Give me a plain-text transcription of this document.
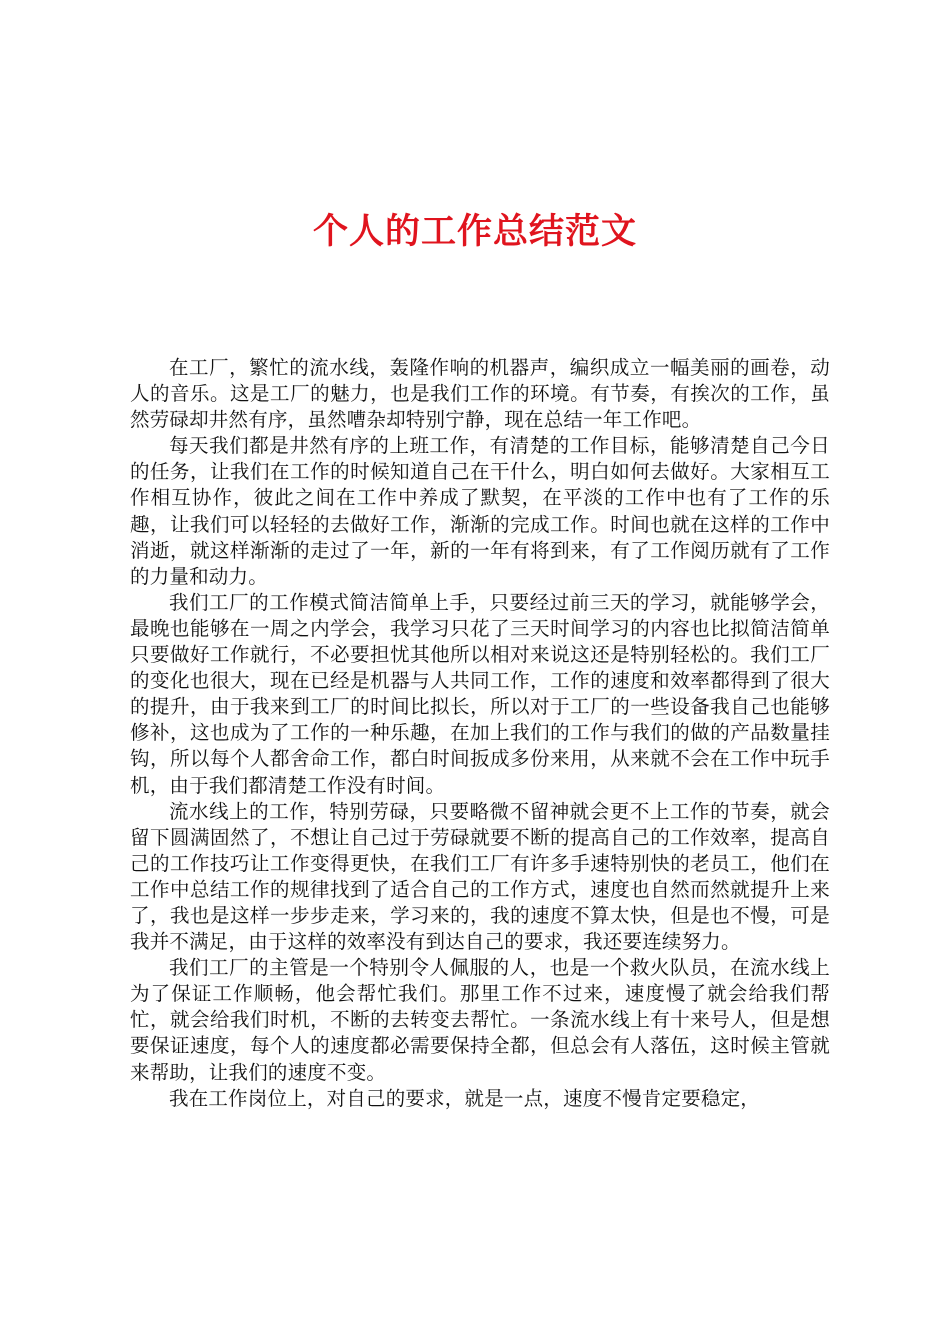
个人的工作总结范文

在工厂，繁忙的流水线，轰隆作响的机器声，编织成立一幅美丽的画卷，动人的音乐。这是工厂的魅力，也是我们工作的环境。有节奏，有挨次的工作，虽然劳碌却井然有序，虽然嘈杂却特别宁静，现在总结一年工作吧。

每天我们都是井然有序的上班工作，有清楚的工作目标，能够清楚自己今日的任务，让我们在工作的时候知道自己在干什么，明白如何去做好。大家相互工作相互协作，彼此之间在工作中养成了默契，在平淡的工作中也有了工作的乐趣，让我们可以轻轻的去做好工作，渐渐的完成工作。时间也就在这样的工作中消逝，就这样渐渐的走过了一年，新的一年有将到来，有了工作阅历就有了工作的力量和动力。

我们工厂的工作模式简洁简单上手，只要经过前三天的学习，就能够学会，最晚也能够在一周之内学会，我学习只花了三天时间学习的内容也比拟简洁简单只要做好工作就行，不必要担忧其他所以相对来说这还是特别轻松的。我们工厂的变化也很大，现在已经是机器与人共同工作，工作的速度和效率都得到了很大的提升，由于我来到工厂的时间比拟长，所以对于工厂的一些设备我自己也能够修补，这也成为了工作的一种乐趣，在加上我们的工作与我们的做的产品数量挂钩，所以每个人都舍命工作，都白时间扳成多份来用，从来就不会在工作中玩手机，由于我们都清楚工作没有时间。

流水线上的工作，特别劳碌，只要略微不留神就会更不上工作的节奏，就会留下圆满固然了，不想让自己过于劳碌就要不断的提高自己的工作效率，提高自己的工作技巧让工作变得更快，在我们工厂有许多手速特别快的老员工，他们在工作中总结工作的规律找到了适合自己的工作方式，速度也自然而然就提升上来了，我也是这样一步步走来，学习来的，我的速度不算太快，但是也不慢，可是我并不满足，由于这样的效率没有到达自己的要求，我还要连续努力。

我们工厂的主管是一个特别令人佩服的人，也是一个救火队员，在流水线上为了保证工作顺畅，他会帮忙我们。那里工作不过来，速度慢了就会给我们帮忙，就会给我们时机，不断的去转变去帮忙。一条流水线上有十来号人，但是想要保证速度，每个人的速度都必需要保持全都，但总会有人落伍，这时候主管就来帮助，让我们的速度不变。

我在工作岗位上，对自己的要求，就是一点，速度不慢肯定要稳定，
